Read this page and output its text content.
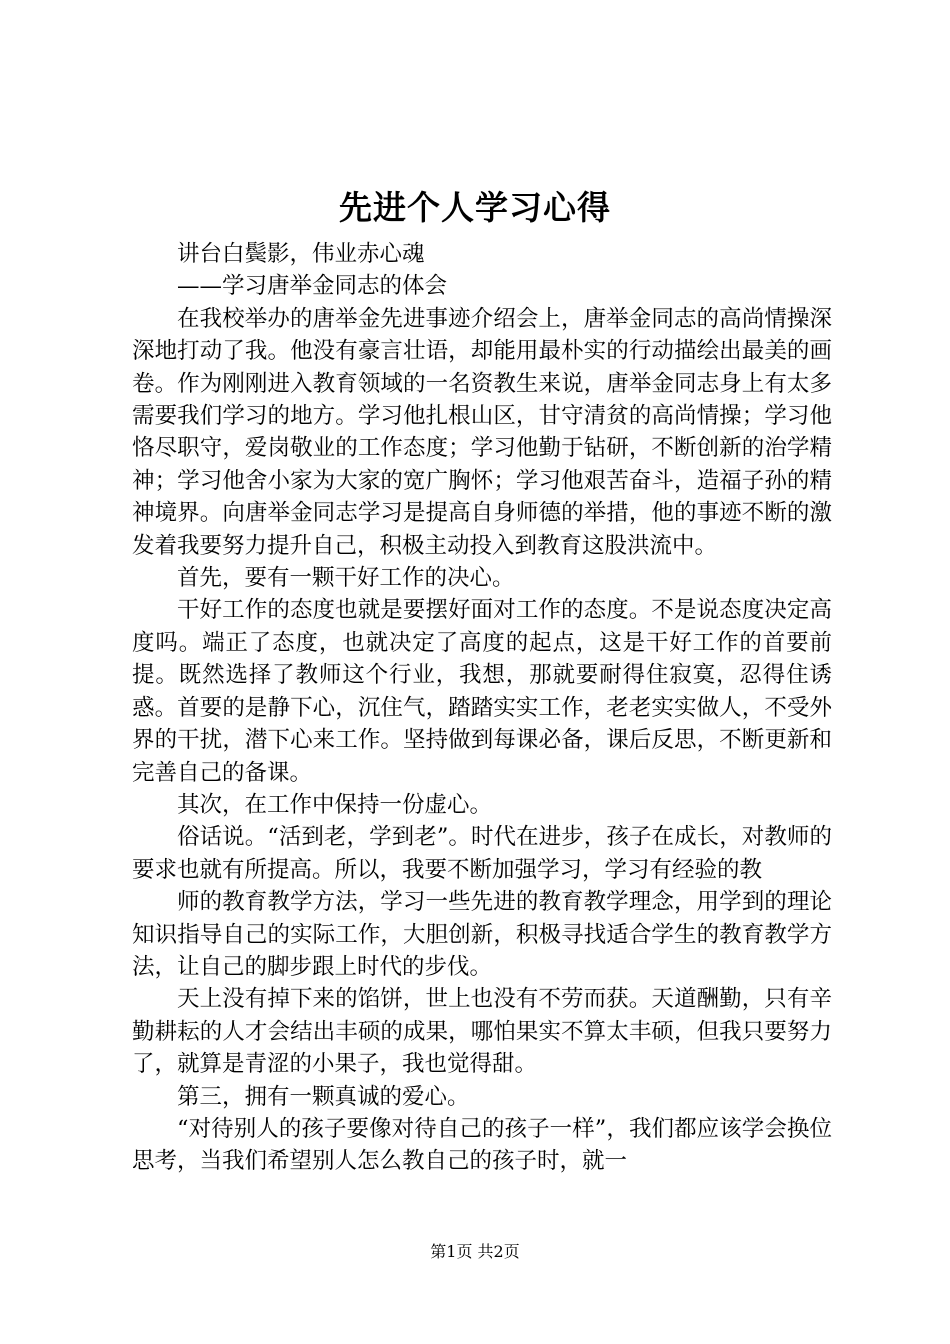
先进个人学习心得

讲台白鬓影，伟业赤心魂

——学习唐举金同志的体会

在我校举办的唐举金先进事迹介绍会上，唐举金同志的高尚情操深深地打动了我。他没有豪言壮语，却能用最朴实的行动描绘出最美的画卷。作为刚刚进入教育领域的一名资教生来说，唐举金同志身上有太多需要我们学习的地方。学习他扎根山区，甘守清贫的高尚情操；学习他恪尽职守，爱岗敬业的工作态度；学习他勤于钻研，不断创新的治学精神；学习他舍小家为大家的宽广胸怀；学习他艰苦奋斗，造福子孙的精神境界。向唐举金同志学习是提高自身师德的举措，他的事迹不断的激发着我要努力提升自己，积极主动投入到教育这股洪流中。

首先，要有一颗干好工作的决心。

干好工作的态度也就是要摆好面对工作的态度。不是说态度决定高度吗。端正了态度，也就决定了高度的起点，这是干好工作的首要前提。既然选择了教师这个行业，我想，那就要耐得住寂寞，忍得住诱惑。首要的是静下心，沉住气，踏踏实实工作，老老实实做人，不受外界的干扰，潜下心来工作。坚持做到每课必备，课后反思，不断更新和完善自己的备课。

其次，在工作中保持一份虚心。

俗话说。“活到老，学到老”。时代在进步，孩子在成长，对教师的要求也就有所提高。所以，我要不断加强学习，学习有经验的教

师的教育教学方法，学习一些先进的教育教学理念，用学到的理论知识指导自己的实际工作，大胆创新，积极寻找适合学生的教育教学方法，让自己的脚步跟上时代的步伐。

天上没有掉下来的馅饼，世上也没有不劳而获。天道酬勤，只有辛勤耕耘的人才会结出丰硕的成果，哪怕果实不算太丰硕，但我只要努力了，就算是青涩的小果子，我也觉得甜。

第三，拥有一颗真诚的爱心。

“对待别人的孩子要像对待自己的孩子一样”，我们都应该学会换位思考，当我们希望别人怎么教自己的孩子时，就一

第1页 共2页
